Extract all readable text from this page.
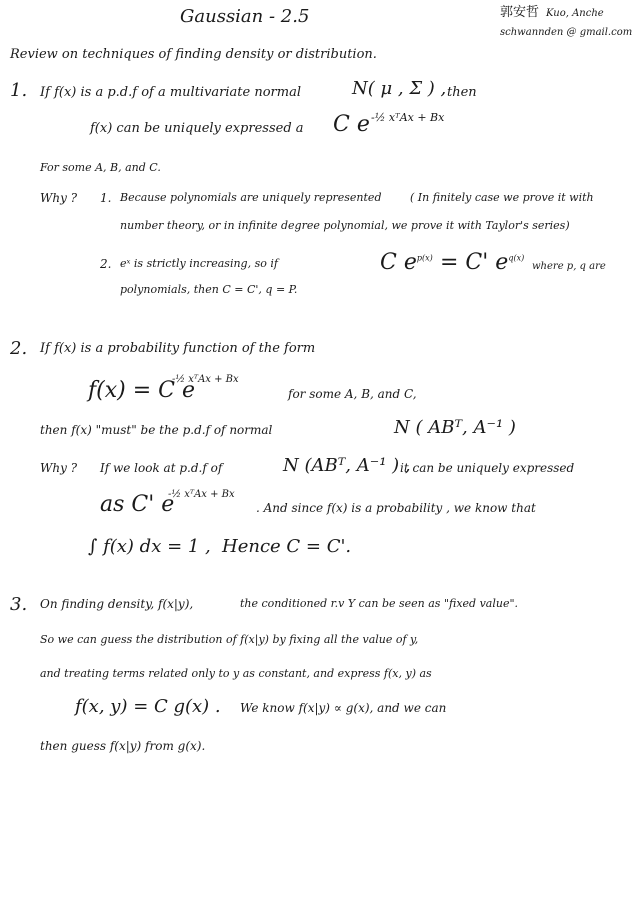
Gaussian - 2.5	郭安哲 Kuo, Anche
schwannden @ gmail.com
Review on techniques of finding density or distribution.
1. If f(x) is a p.d.f of a multivariate normal	N( μ , Σ ) , then
f(x) can be uniquely expressed a C e -½ xᵀAx + Bx
For some A, B, and C.
Why ? 1. Because polynomials are uniquely represented	( In finitely case we prove it with
number theory, or in infinite degree polynomial, we prove it with Taylor's series)
2. eˣ is strictly increasing, so if	C $e^{p(x)} = C'$ $e^{q(x)}$
where p, q are
polynomials, then C = C', q = P.
2. If f(x) is a probability function of the form
f(x) = C e
-½ xᵀAx + Bx
for some A, B, and C,
then f(x) "must" be the p.d.f of normal	N ( ABᵀ, A⁻¹ )
Why ? If we look at p.d.f of	N (ABᵀ, A⁻¹ ) ,
it can be uniquely expressed
as C' e
-½ xᵀAx + Bx
. And since f(x) is a probability , we know that
∫ f(x) dx = 1 , Hence C = C'.
3. On finding density, f(x|y),	the conditioned r.v Y can be seen as "fixed value".
So we can guess the distribution of f(x|y) by fixing all the value of y,
and treating terms related only to y as constant, and express f(x, y) as
f(x, y) = C g(x) . We know f(x|y) ∝ g(x), and we can
then guess f(x|y) from g(x).
